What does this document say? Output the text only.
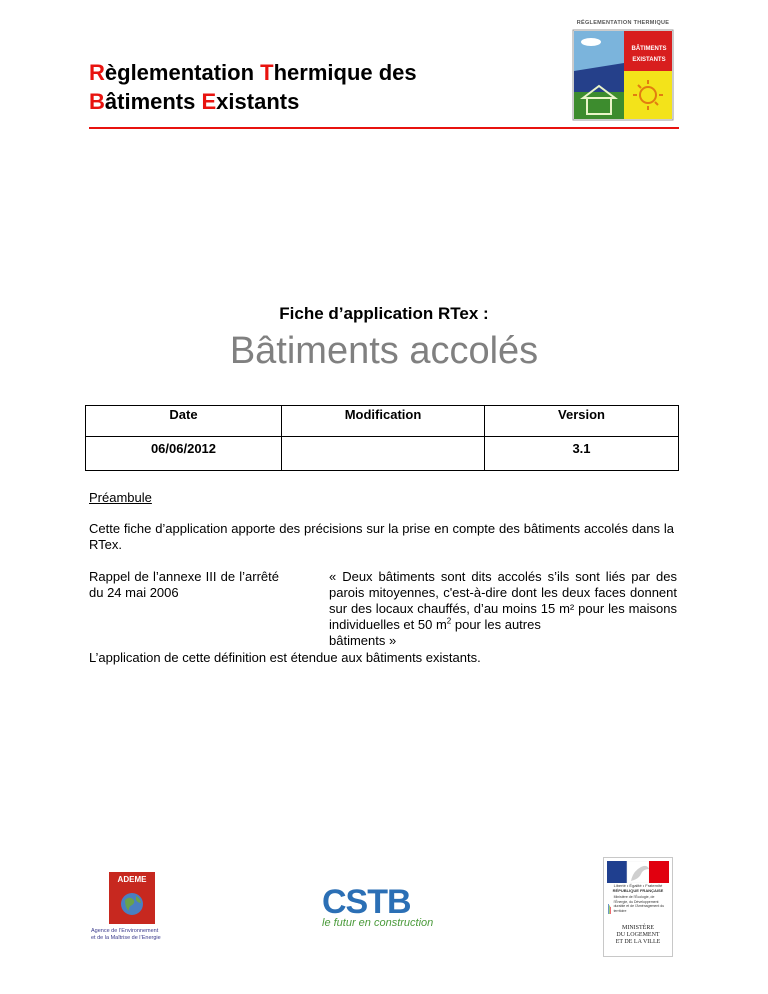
Règlementation Thermique des
Bâtiments Existants
RÉGLEMENTATION THERMIQUE
BÂTIMENTS
EXISTANTS
Fiche d’application RTex :
Bâtiments accolés
Date	Modification	Version
06/06/2012		3.1
Préambule
Cette fiche d’application apporte des précisions sur la prise en compte des bâtiments accolés dans la RTex.
Rappel de l’annexe III de l’arrêté du 24 mai 2006
« Deux bâtiments sont dits accolés s’ils sont liés par des parois mitoyennes, c'est-à-dire dont les deux faces donnent sur des locaux chauffés, d’au moins 15 m² pour les maisons individuelles et 50 $m^2$ pour les autres
bâtiments »
L’application de cette définition est étendue aux bâtiments existants.
ADEME
Agence de l’Environnement
et de la Maîtrise de l’Energie
CSTB
le futur en construction
Liberté • Égalité • Fraternité
RÉPUBLIQUE FRANÇAISE
Ministère de l’Écologie, de l’Énergie, du Développement durable et de l’Aménagement du territoire
MINISTÈRE
DU LOGEMENT
ET DE LA VILLE
